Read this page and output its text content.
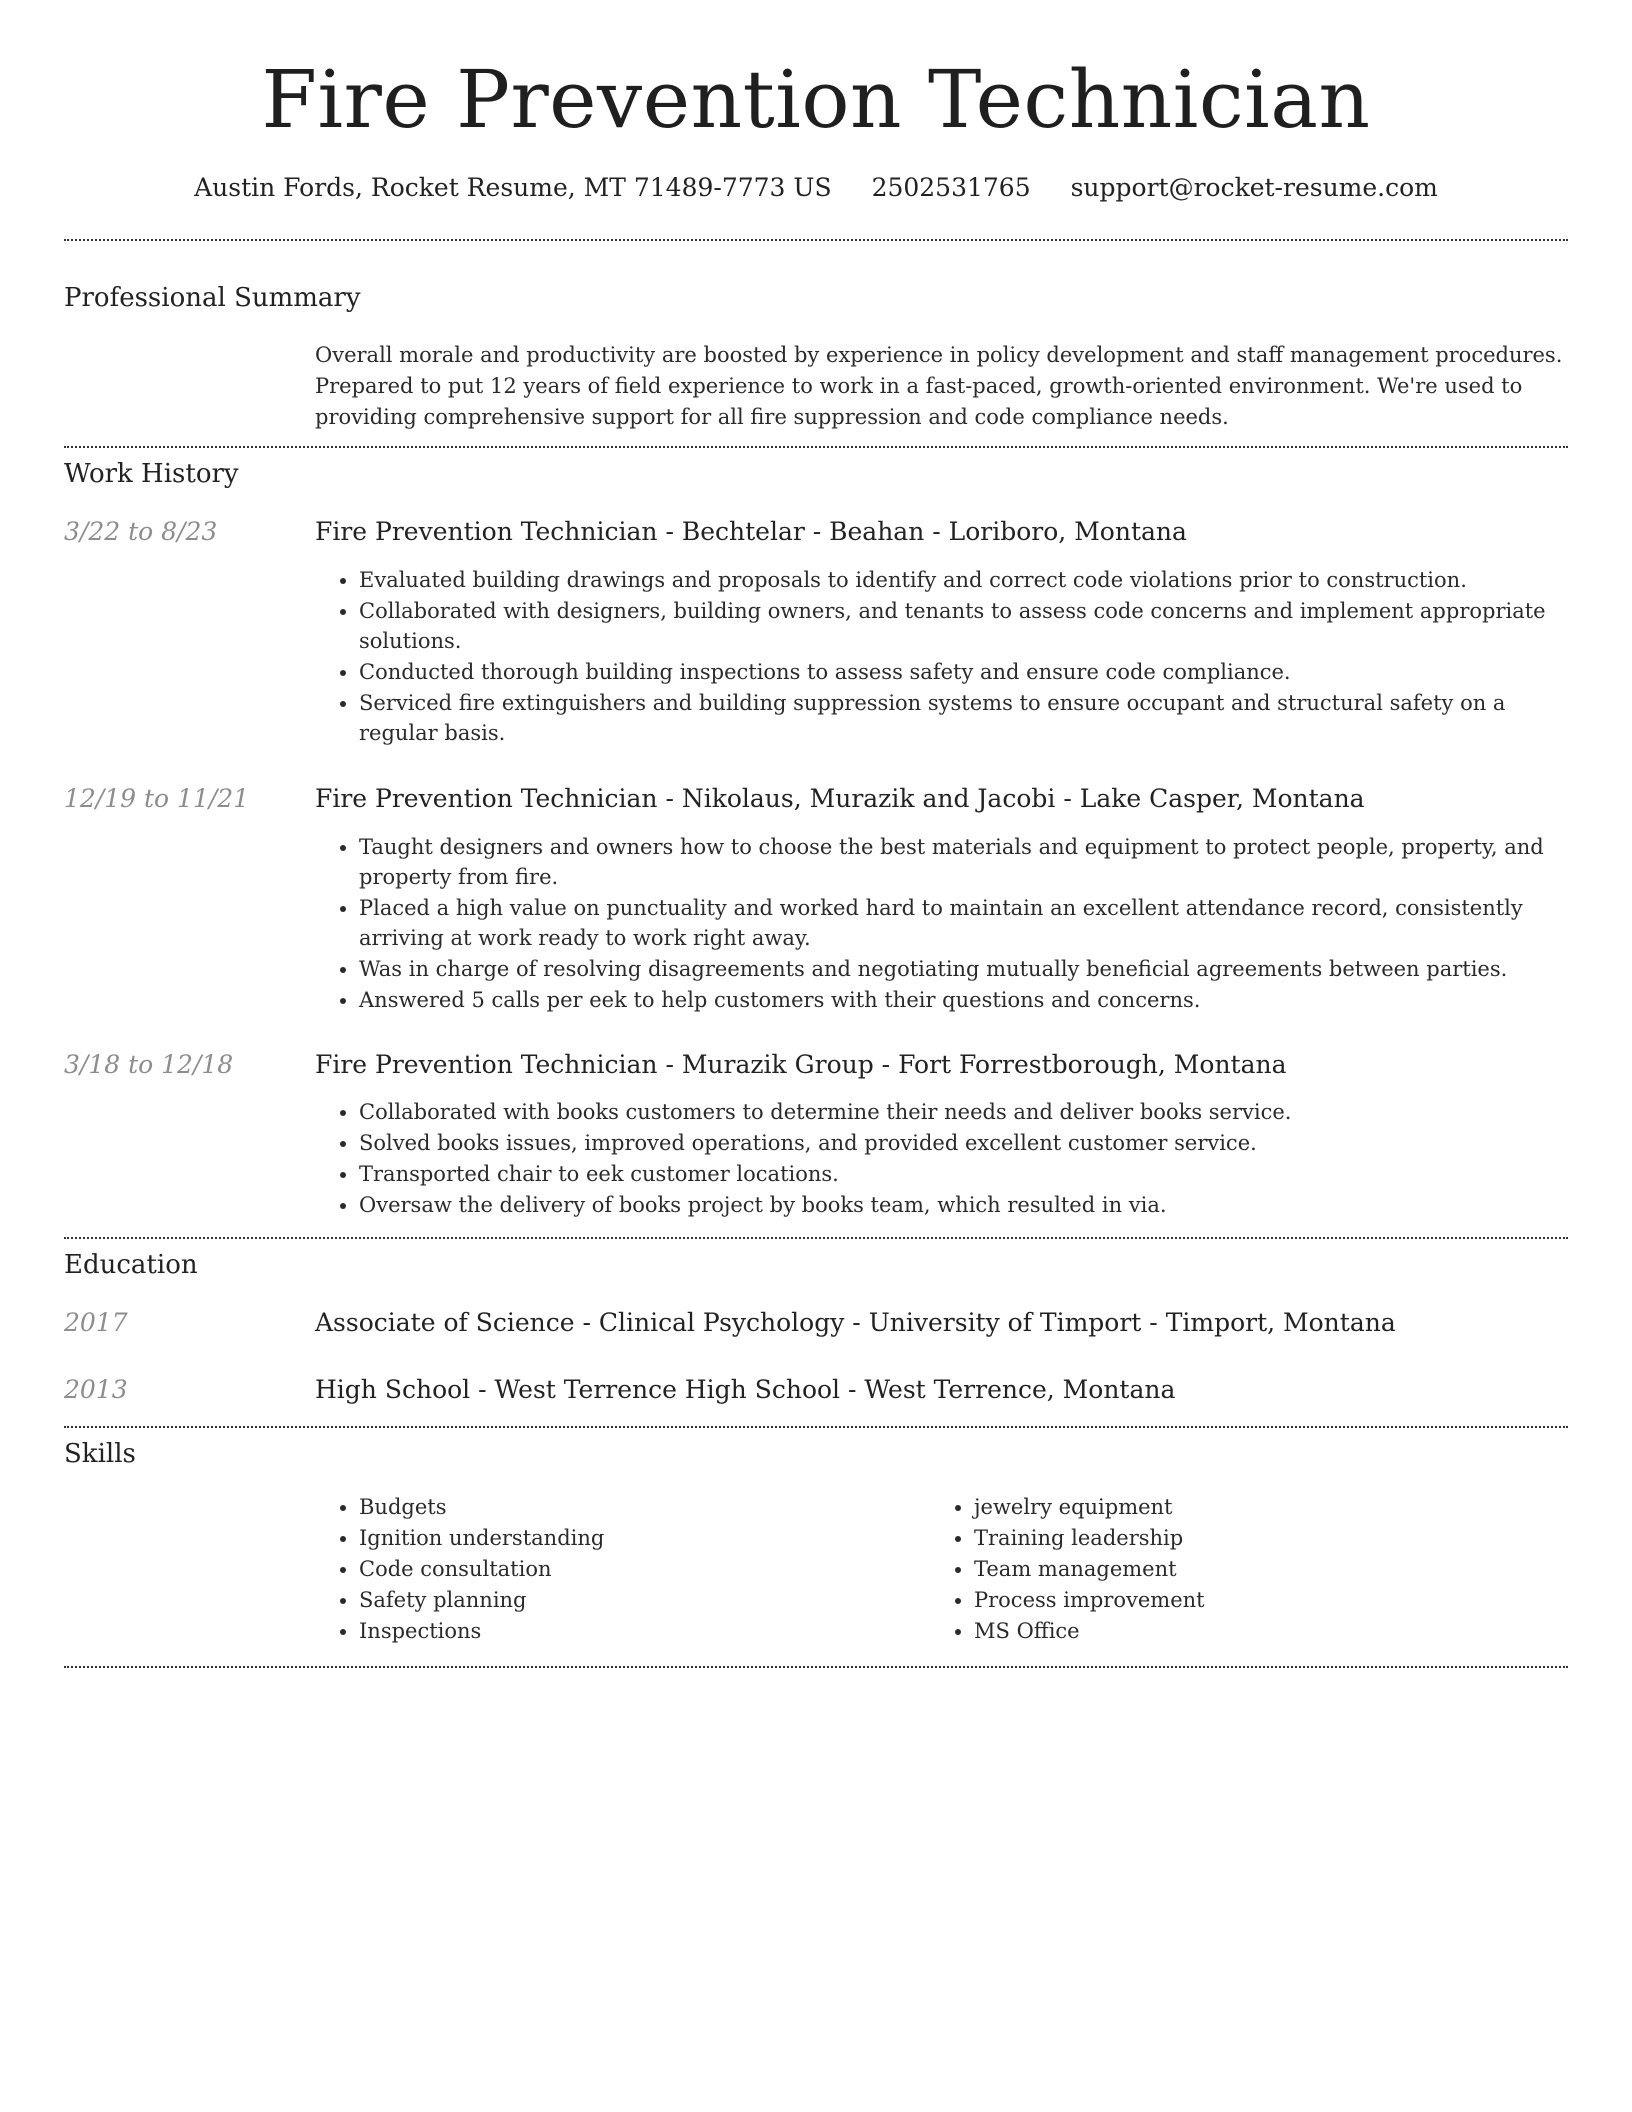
Fire Prevention Technician
Austin Fords, Rocket Resume, MT 71489-7773 US 2502531765 support@rocket-resume.com
Professional Summary
Overall morale and productivity are boosted by experience in policy development and staff management procedures. Prepared to put 12 years of field experience to work in a fast-paced, growth-oriented environment. We're used to providing comprehensive support for all fire suppression and code compliance needs.
Work History
3/22 to 8/23	Fire Prevention Technician - Bechtelar - Beahan - Loriboro, Montana
• Evaluated building drawings and proposals to identify and correct code violations prior to construction.
• Collaborated with designers, building owners, and tenants to assess code concerns and implement appropriate solutions.
• Conducted thorough building inspections to assess safety and ensure code compliance.
• Serviced fire extinguishers and building suppression systems to ensure occupant and structural safety on a regular basis.
12/19 to 11/21	Fire Prevention Technician - Nikolaus, Murazik and Jacobi - Lake Casper, Montana
• Taught designers and owners how to choose the best materials and equipment to protect people, property, and property from fire.
• Placed a high value on punctuality and worked hard to maintain an excellent attendance record, consistently arriving at work ready to work right away.
• Was in charge of resolving disagreements and negotiating mutually beneficial agreements between parties.
• Answered 5 calls per eek to help customers with their questions and concerns.
3/18 to 12/18	Fire Prevention Technician - Murazik Group - Fort Forrestborough, Montana
• Collaborated with books customers to determine their needs and deliver books service.
• Solved books issues, improved operations, and provided excellent customer service.
• Transported chair to eek customer locations.
• Oversaw the delivery of books project by books team, which resulted in via.
Education
2017	Associate of Science - Clinical Psychology - University of Timport - Timport, Montana
2013	High School - West Terrence High School - West Terrence, Montana
Skills
• Budgets
• Ignition understanding
• Code consultation
• Safety planning
• Inspections
• jewelry equipment
• Training leadership
• Team management
• Process improvement
• MS Office
